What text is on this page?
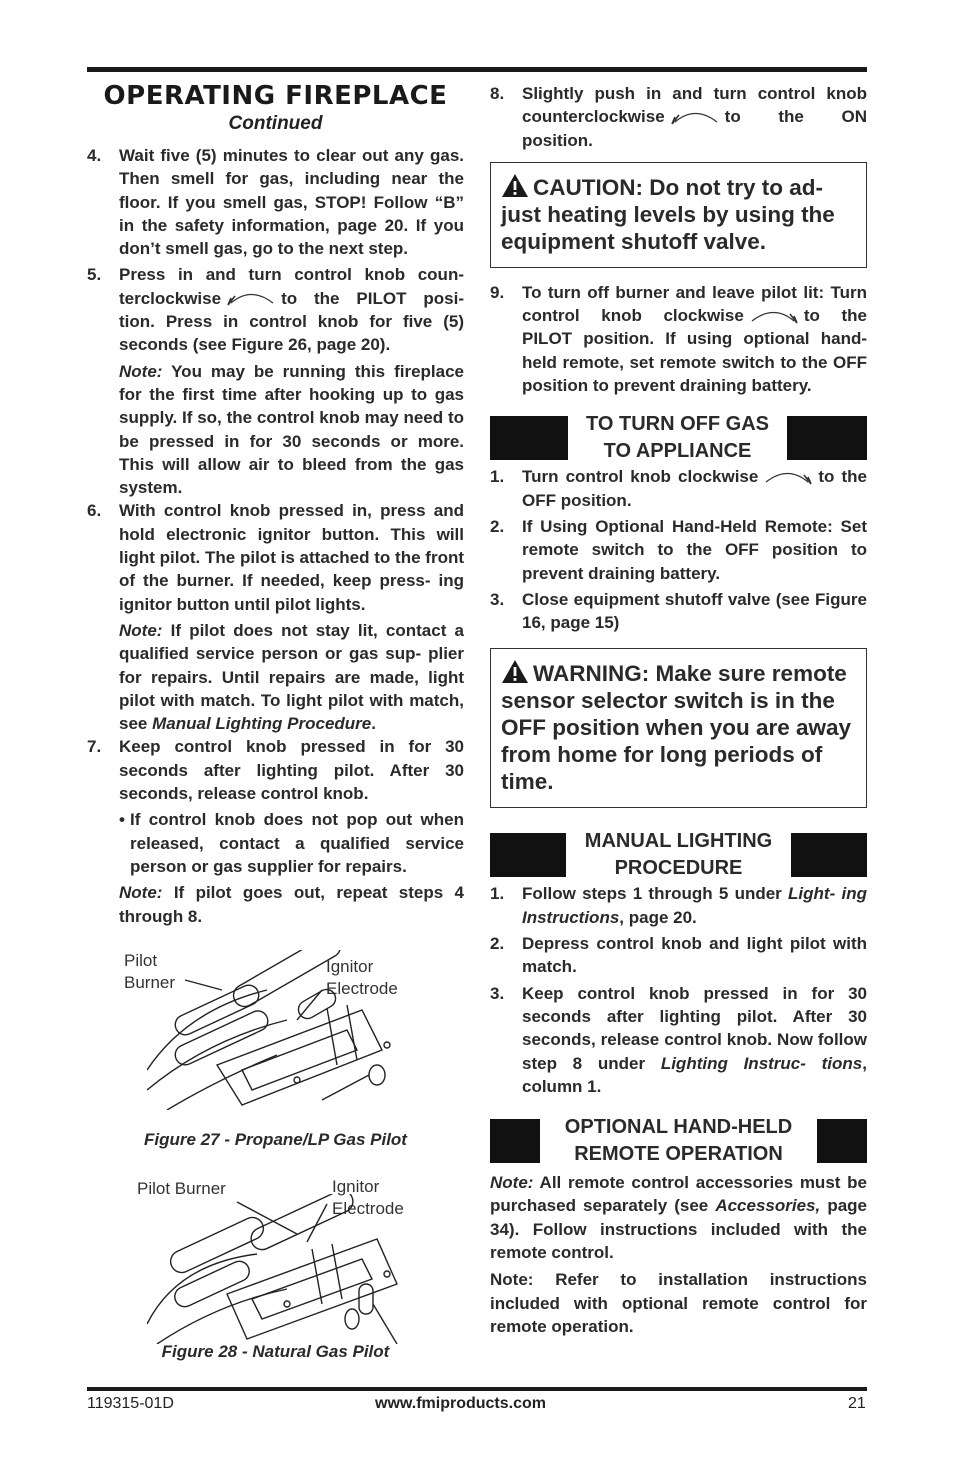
OPERATING FIREPLACE
Continued
4.	Wait five (5) minutes to clear out any gas. Then smell for gas, including near the floor. If you smell gas, STOP! Follow “B” in the safety information, page 20. If you don’t smell gas, go to the next step.
5.	Press in and turn control knob coun- terclockwise	to the PILOT posi- tion. Press in control knob for five (5) seconds (see Figure 26, page 20).
Note: You may be running this fireplace for the first time after hooking up to gas supply. If so, the control knob may need to be pressed in for 30 seconds or more. This will allow air to bleed from the gas system.
6.	With control knob pressed in, press and hold electronic ignitor button. This will light pilot. The pilot is attached to the front of the burner. If needed, keep press- ing ignitor button until pilot lights.
Note: If pilot does not stay lit, contact a qualified service person or gas sup- plier for repairs. Until repairs are made, light pilot with match. To light pilot with match, see Manual Lighting Procedure.
7.	Keep control knob pressed in for 30 seconds after lighting pilot. After 30 seconds, release control knob.
• If control knob does not pop out when released, contact a qualified service person or gas supplier for repairs.
Note: If pilot goes out, repeat steps 4 through 8.
Pilot
Burner
Ignitor
Electrode
Figure 27 - Propane/LP Gas Pilot
Pilot Burner	Ignitor
Electrode
Figure 28 - Natural Gas Pilot
8.	Slightly push in and turn control knob counterclockwise	to the ON position.
CAUTION: Do not try to ad- just heating levels by using the equipment shutoff valve.
9.	To turn off burner and leave pilot lit: Turn control knob clockwise	to the PILOT position. If using optional hand-held remote, set remote switch to the OFF position to prevent draining battery.
TO TURN OFF GAS
TO APPLIANCE
1.	Turn control knob clockwise	to the OFF position.
2.	If Using Optional Hand-Held Remote: Set remote switch to the OFF position to prevent draining battery.
3.	Close equipment shutoff valve (see Figure 16, page 15)
WARNING: Make sure remote sensor selector switch is in the OFF position when you are away from home for long periods of time.
MANUAL LIGHTING
PROCEDURE
1.	Follow steps 1 through 5 under Light- ing Instructions, page 20.
2.	Depress control knob and light pilot with match.
3.	Keep control knob pressed in for 30 seconds after lighting pilot. After 30 seconds, release control knob. Now follow step 8 under Lighting Instruc- tions, column 1.
OPTIONAL HAND-HELD
REMOTE OPERATION
Note: All remote control accessories must be purchased separately (see Accessories, page 34). Follow instructions included with the remote control.
Note: Refer to installation instructions included with optional remote control for remote operation.
119315-01D	www.fmiproducts.com	21
